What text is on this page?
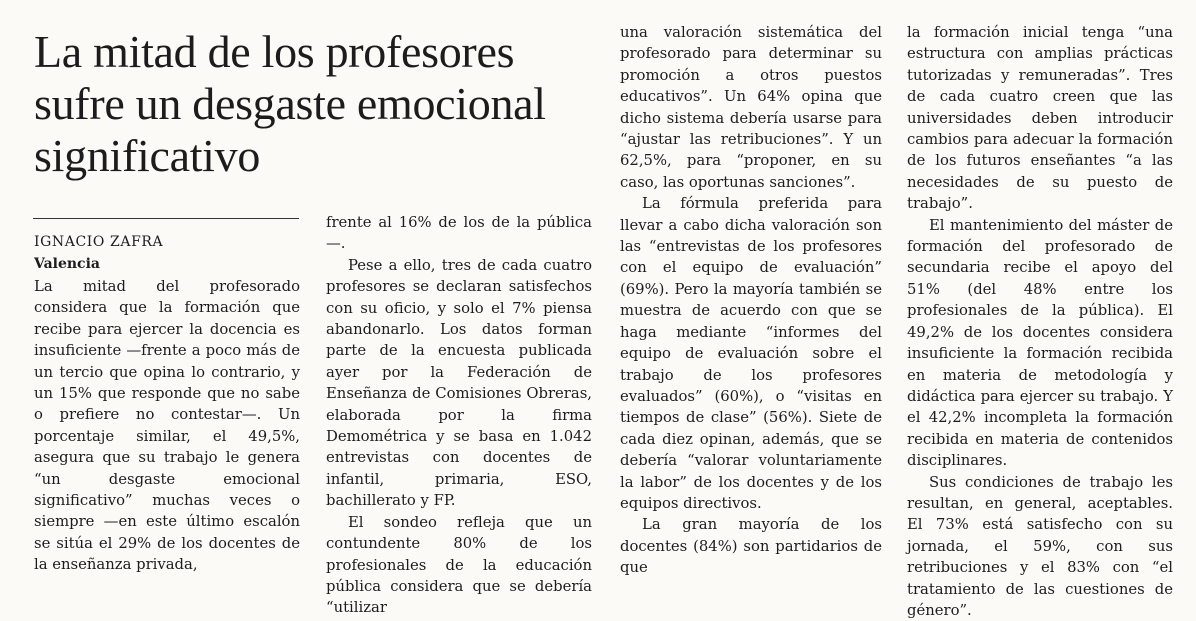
La mitad de los profesores sufre un desgaste emocional significativo
IGNACIO ZAFRA
Valencia

La mitad del profesorado considera que la formación que recibe para ejercer la docencia es insuficiente —frente a poco más de un tercio que opina lo contrario, y un 15% que responde que no sabe o prefiere no contestar—. Un porcentaje similar, el 49,5%, asegura que su trabajo le genera “un desgaste emocional significativo” muchas veces o siempre —en este último escalón se sitúa el 29% de los docentes de la enseñanza privada,

frente al 16% de los de la pública—.

Pese a ello, tres de cada cuatro profesores se declaran satisfechos con su oficio, y solo el 7% piensa abandonarlo. Los datos forman parte de la encuesta publicada ayer por la Federación de Enseñanza de Comisiones Obreras, elaborada por la firma Demométrica y se basa en 1.042 entrevistas con docentes de infantil, primaria, ESO, bachillerato y FP.

El sondeo refleja que un contundente 80% de los profesionales de la educación pública considera que se debería “utilizar

una valoración sistemática del profesorado para determinar su promoción a otros puestos educativos”. Un 64% opina que dicho sistema debería usarse para “ajustar las retribuciones”. Y un 62,5%, para “proponer, en su caso, las oportunas sanciones”.

La fórmula preferida para llevar a cabo dicha valoración son las “entrevistas de los profesores con el equipo de evaluación” (69%). Pero la mayoría también se muestra de acuerdo con que se haga mediante “informes del equipo de evaluación sobre el trabajo de los profesores evaluados” (60%), o “visitas en tiempos de clase” (56%). Siete de cada diez opinan, además, que se debería “valorar voluntariamente la labor” de los docentes y de los equipos directivos.

La gran mayoría de los docentes (84%) son partidarios de que

la formación inicial tenga “una estructura con amplias prácticas tutorizadas y remuneradas”. Tres de cada cuatro creen que las universidades deben introducir cambios para adecuar la formación de los futuros enseñantes “a las necesidades de su puesto de trabajo”.

El mantenimiento del máster de formación del profesorado de secundaria recibe el apoyo del 51% (del 48% entre los profesionales de la pública). El 49,2% de los docentes considera insuficiente la formación recibida en materia de metodología y didáctica para ejercer su trabajo. Y el 42,2% incompleta la formación recibida en materia de contenidos disciplinares.

Sus condiciones de trabajo les resultan, en general, aceptables. El 73% está satisfecho con su jornada, el 59%, con sus retribuciones y el 83% con “el tratamiento de las cuestiones de género”.
